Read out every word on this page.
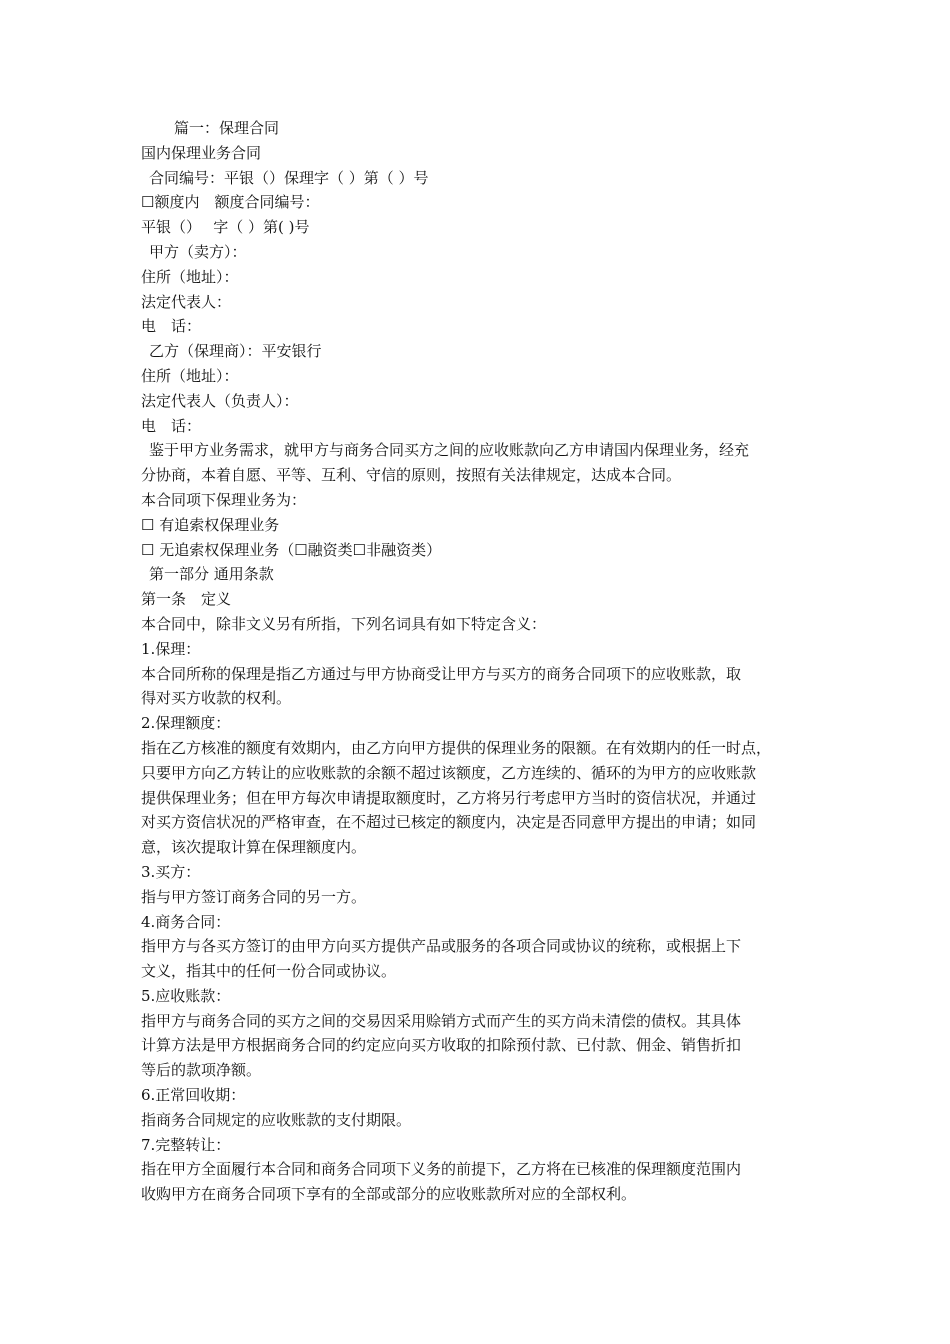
篇一：保理合同
国内保理业务合同
合同编号：平银（）保理字（ ）第（ ）号
☐额度内　额度合同编号：
平银（）　 字（ ）第( )号
甲方（卖方）：
住所（地址）：
法定代表人：
电　话：
乙方（保理商）：平安银行
住所（地址）：
法定代表人（负责人）：
电　话：
鉴于甲方业务需求，就甲方与商务合同买方之间的应收账款向乙方申请国内保理业务，经充
分协商，本着自愿、平等、互利、守信的原则，按照有关法律规定，达成本合同。
本合同项下保理业务为：
☐ 有追索权保理业务
☐ 无追索权保理业务（☐融资类☐非融资类）
第一部分 通用条款
第一条　定义
本合同中，除非文义另有所指，下列名词具有如下特定含义：
1.保理：
本合同所称的保理是指乙方通过与甲方协商受让甲方与买方的商务合同项下的应收账款，取
得对买方收款的权利。
2.保理额度：
指在乙方核准的额度有效期内，由乙方向甲方提供的保理业务的限额。在有效期内的任一时点，
只要甲方向乙方转让的应收账款的余额不超过该额度，乙方连续的、循环的为甲方的应收账款
提供保理业务；但在甲方每次申请提取额度时，乙方将另行考虑甲方当时的资信状况，并通过
对买方资信状况的严格审查，在不超过已核定的额度内，决定是否同意甲方提出的申请；如同
意，该次提取计算在保理额度内。
3.买方：
指与甲方签订商务合同的另一方。
4.商务合同：
指甲方与各买方签订的由甲方向买方提供产品或服务的各项合同或协议的统称，或根据上下
文义，指其中的任何一份合同或协议。
5.应收账款：
指甲方与商务合同的买方之间的交易因采用赊销方式而产生的买方尚未清偿的债权。其具体
计算方法是甲方根据商务合同的约定应向买方收取的扣除预付款、已付款、佣金、销售折扣
等后的款项净额。
6.正常回收期：
指商务合同规定的应收账款的支付期限。
7.完整转让：
指在甲方全面履行本合同和商务合同项下义务的前提下，乙方将在已核准的保理额度范围内
收购甲方在商务合同项下享有的全部或部分的应收账款所对应的全部权利。
